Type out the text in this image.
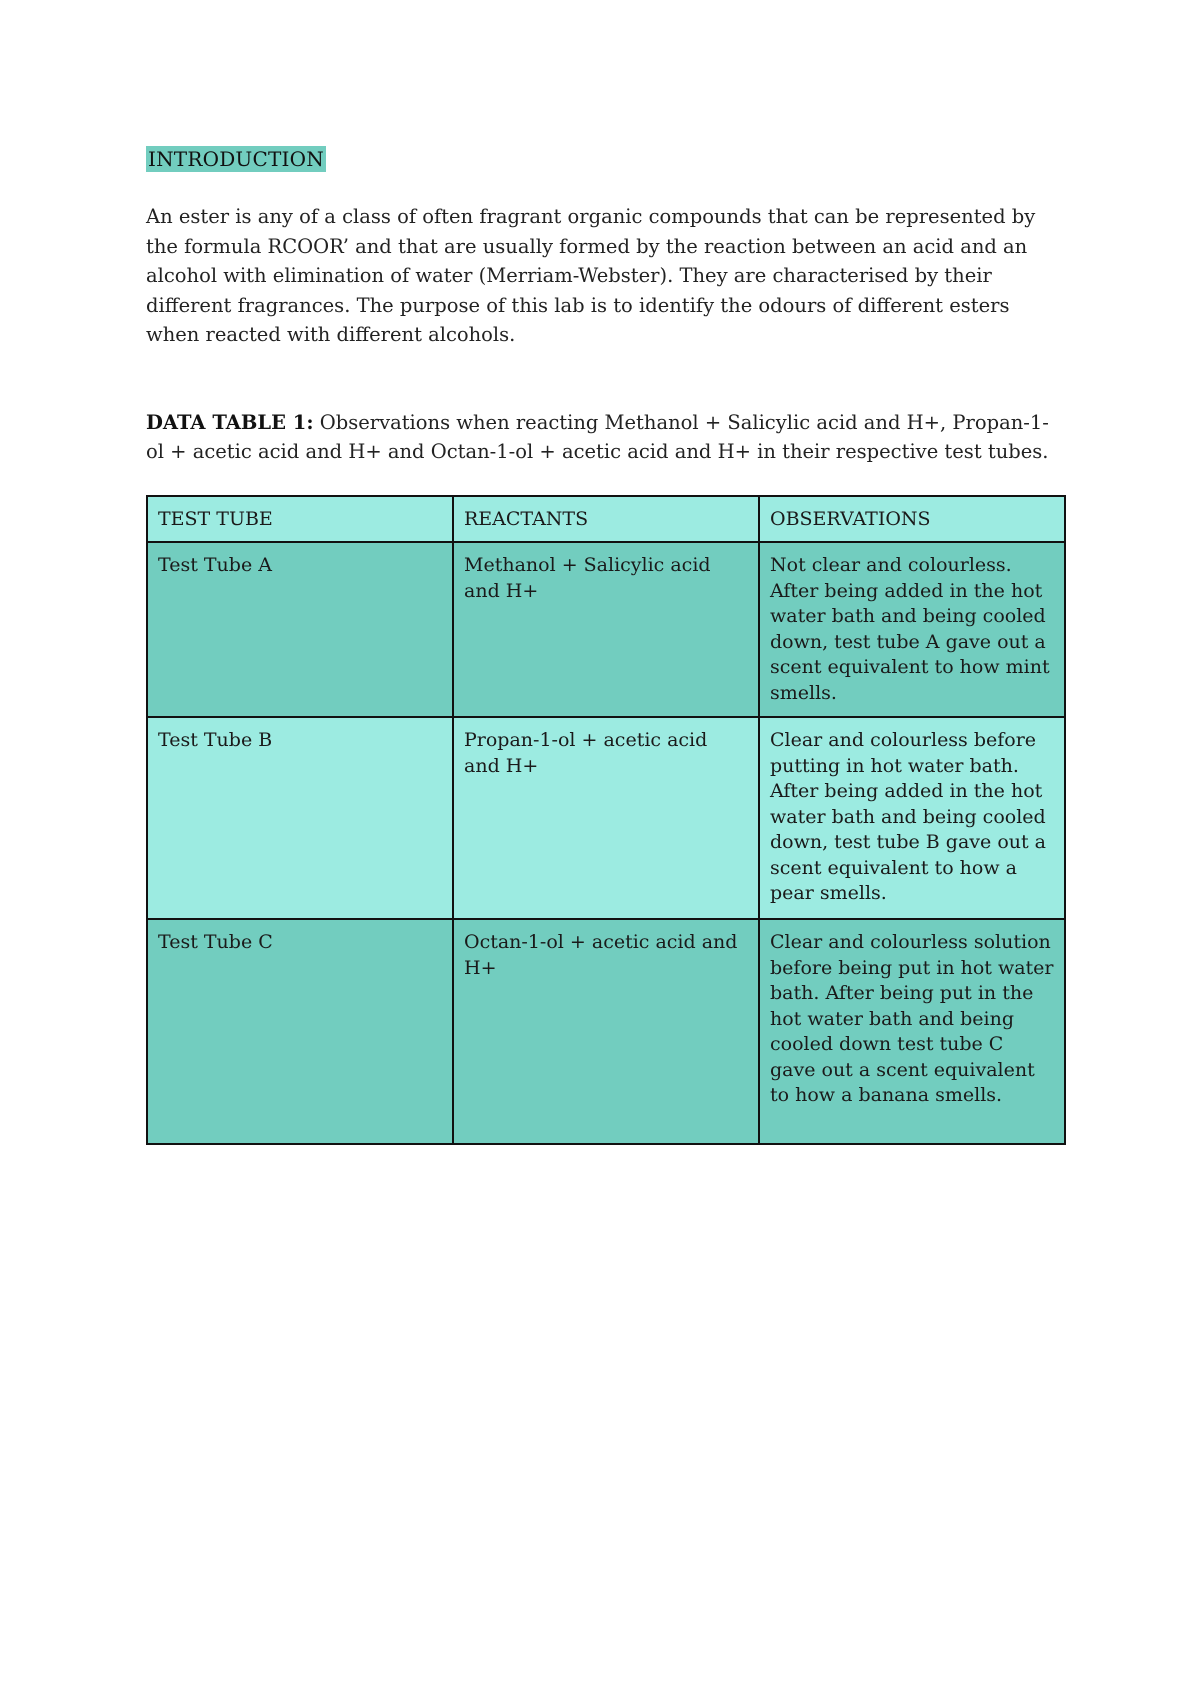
INTRODUCTION
An ester is any of a class of often fragrant organic compounds that can be represented by the formula RCOOR’ and that are usually formed by the reaction between an acid and an alcohol with elimination of water (Merriam-Webster). They are characterised by their different fragrances. The purpose of this lab is to identify the odours of different esters when reacted with different alcohols.
DATA TABLE 1: Observations when reacting Methanol + Salicylic acid and H+, Propan-1-ol + acetic acid and H+ and Octan-1-ol + acetic acid and H+ in their respective test tubes.
TEST TUBE	REACTANTS	OBSERVATIONS
Test Tube A	Methanol + Salicylic acid and H+	Not clear and colourless. After being added in the hot water bath and being cooled down, test tube A gave out a scent equivalent to how mint smells.
Test Tube B	Propan-1-ol + acetic acid and H+	Clear and colourless before putting in hot water bath. After being added in the hot water bath and being cooled down, test tube B gave out a scent equivalent to how a pear smells.
Test Tube C	Octan-1-ol + acetic acid and H+	Clear and colourless solution before being put in hot water bath. After being put in the hot water bath and being cooled down test tube C gave out a scent equivalent to how a banana smells.
